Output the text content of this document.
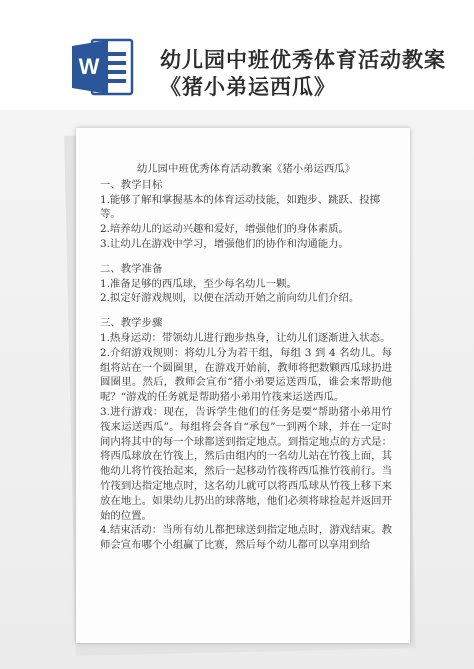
W	幼儿园中班优秀体育活动教案
《猪小弟运西瓜》
幼儿园中班优秀体育活动教案《猪小弟运西瓜》
一、教学目标
1.能够了解和掌握基本的体育运动技能，如跑步、跳跃、投掷
等。
2.培养幼儿的运动兴趣和爱好，增强他们的身体素质。
3.让幼儿在游戏中学习，增强他们的协作和沟通能力。
二、教学准备
1.准备足够的西瓜球，至少每名幼儿一颗。
2.拟定好游戏规则，以便在活动开始之前向幼儿们介绍。
三、教学步骤
1.热身运动：带领幼儿进行跑步热身，让幼儿们逐渐进入状态。
2.介绍游戏规则：将幼儿分为若干组，每组 3 到 4 名幼儿。每组将站在一个圆圈里，在游戏开始前，教师将把数颗西瓜球扔进圆圈里。然后，教师会宣布“猪小弟要运送西瓜，谁会来帮助他呢？“游戏的任务就是帮助猪小弟用竹筏来运送西瓜。
3.进行游戏：现在，告诉学生他们的任务是要“帮助猪小弟用竹筏来运送西瓜”。每组将会各自“承包”一到两个球，并在一定时间内将其中的每一个球都送到指定地点。到指定地点的方式是：将西瓜球放在竹筏上，然后由组内的一名幼儿站在竹筏上面，其他幼儿将竹筏抬起来，然后一起移动竹筏将西瓜推竹筏前行。当竹筏到达指定地点时，这名幼儿就可以将西瓜球从竹筏上移下来放在地上。如果幼儿扔出的球落地，他们必须将球捡起并返回开始的位置。
4.结束活动：当所有幼儿都把球送到指定地点时，游戏结束。教师会宣布哪个小组赢了比赛，然后每个幼儿都可以享用到给
